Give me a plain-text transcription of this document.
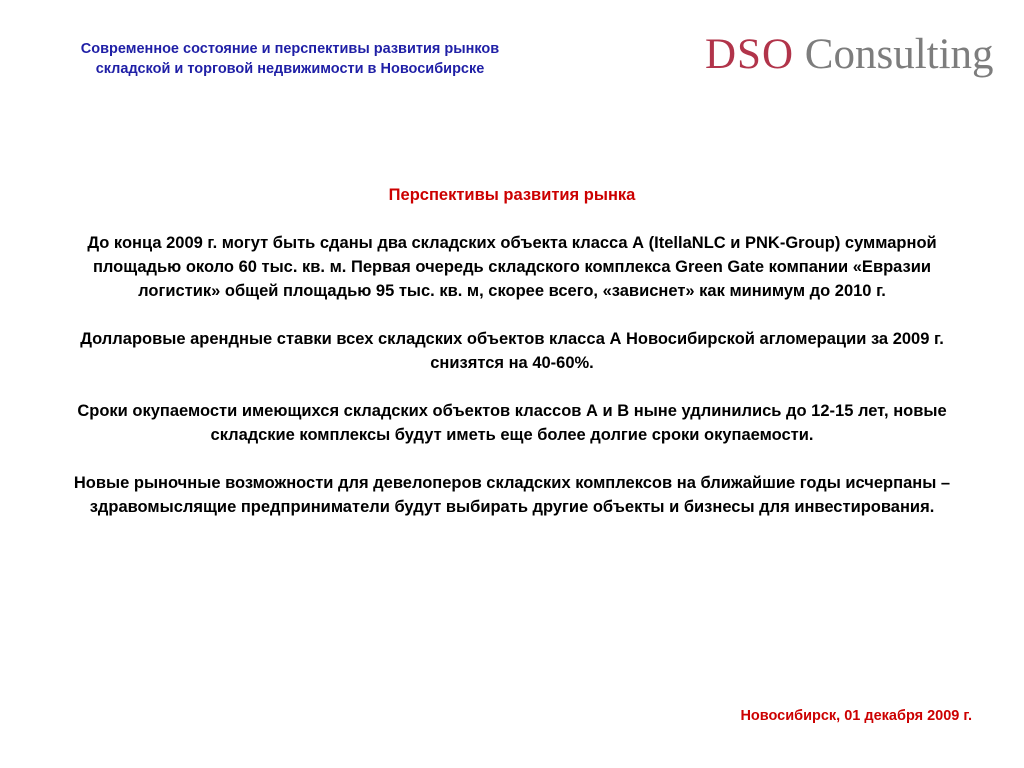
Современное состояние и перспективы развития рынков
складской и торговой недвижимости в Новосибирске	DSO Consulting
Перспективы развития рынка

До конца 2009 г. могут быть сданы два складских объекта класса А (ItellaNLC и PNK-Group) суммарной площадью около 60 тыс. кв. м. Первая очередь складского комплекса Green Gate компании «Евразии логистик» общей площадью 95 тыс. кв. м, скорее всего, «зависнет» как минимум до 2010 г.

Долларовые арендные ставки всех складских объектов класса А Новосибирской агломерации за 2009 г. снизятся на 40-60%.

Сроки окупаемости имеющихся складских объектов классов А и В ныне удлинились до 12-15 лет, новые складские комплексы будут иметь еще более долгие сроки окупаемости.

Новые рыночные возможности для девелоперов складских комплексов на ближайшие годы исчерпаны – здравомыслящие предприниматели будут выбирать другие объекты и бизнесы для инвестирования.

Новосибирск, 01 декабря 2009 г.
